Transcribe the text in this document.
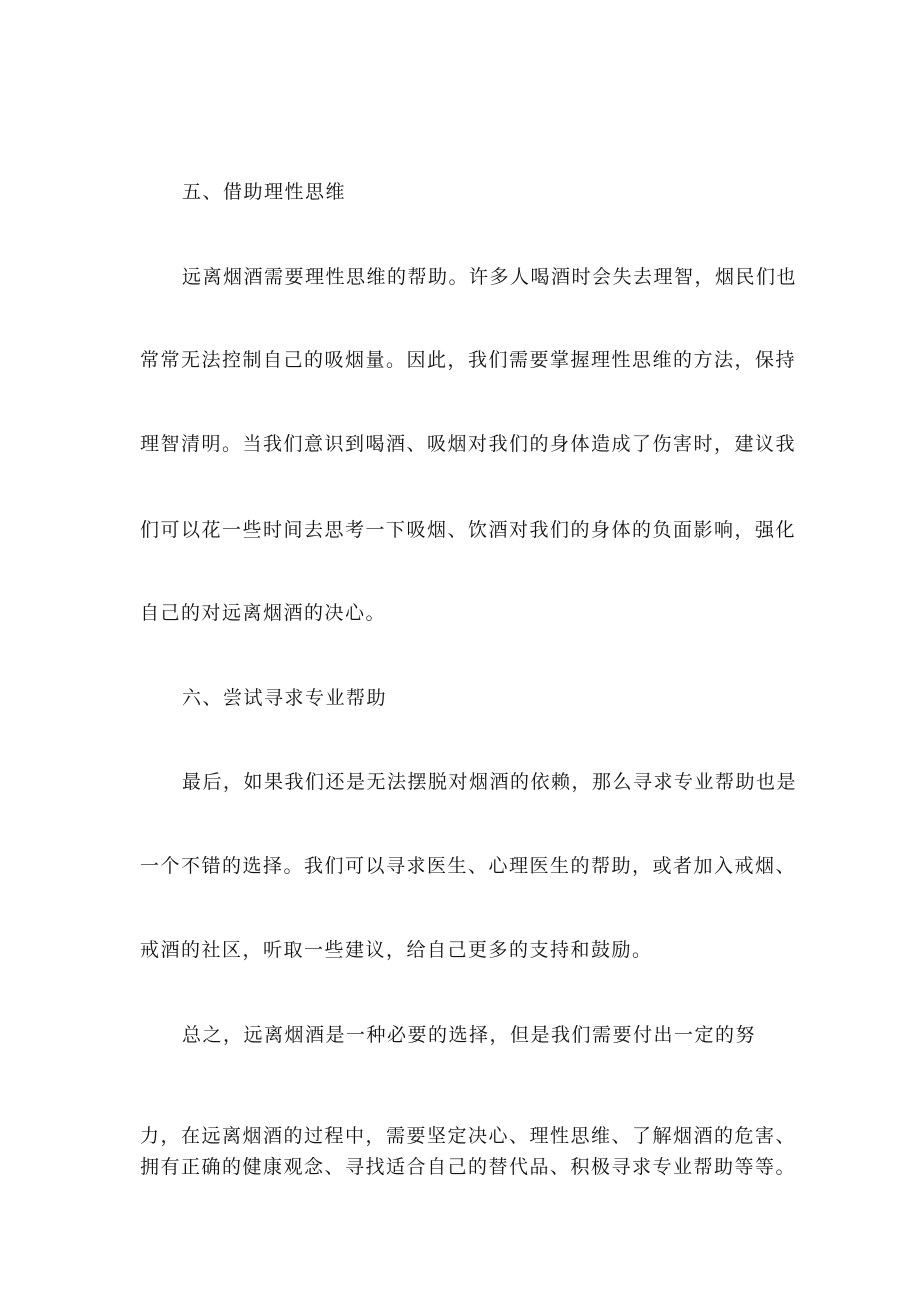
五、借助理性思维
远离烟酒需要理性思维的帮助。许多人喝酒时会失去理智，烟民们也
常常无法控制自己的吸烟量。因此，我们需要掌握理性思维的方法，保持
理智清明。当我们意识到喝酒、吸烟对我们的身体造成了伤害时，建议我
们可以花一些时间去思考一下吸烟、饮酒对我们的身体的负面影响，强化
自己的对远离烟酒的决心。
六、尝试寻求专业帮助
最后，如果我们还是无法摆脱对烟酒的依赖，那么寻求专业帮助也是
一个不错的选择。我们可以寻求医生、心理医生的帮助，或者加入戒烟、
戒酒的社区，听取一些建议，给自己更多的支持和鼓励。
总之，远离烟酒是一种必要的选择，但是我们需要付出一定的努
力，在远离烟酒的过程中，需要坚定决心、理性思维、了解烟酒的危害、
拥有正确的健康观念、寻找适合自己的替代品、积极寻求专业帮助等等。
